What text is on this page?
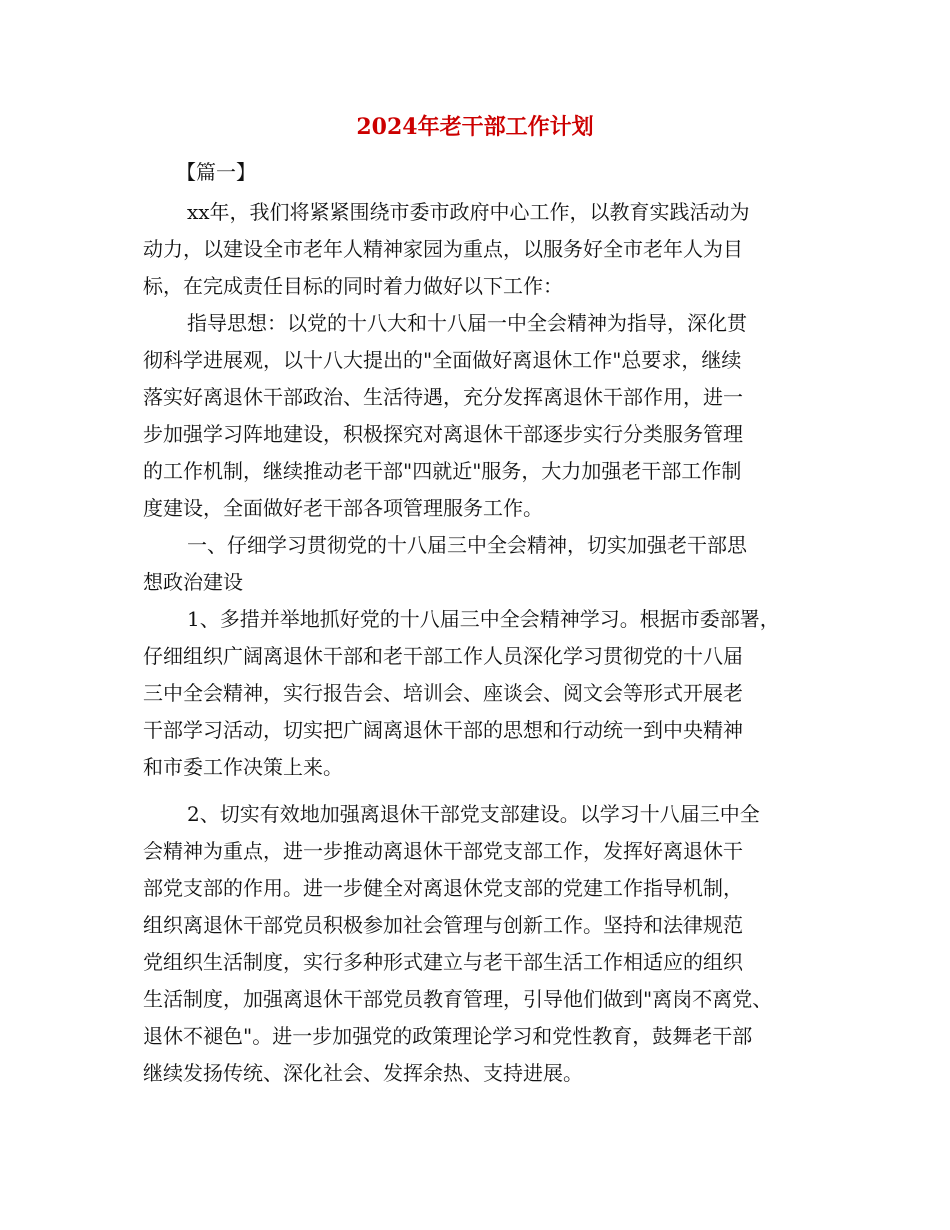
2024年老干部工作计划
【篇一】
xx年，我们将紧紧围绕市委市政府中心工作，以教育实践活动为
动力，以建设全市老年人精神家园为重点，以服务好全市老年人为目
标，在完成责任目标的同时着力做好以下工作：
指导思想：以党的十八大和十八届一中全会精神为指导，深化贯
彻科学进展观，以十八大提出的"全面做好离退休工作"总要求，继续
落实好离退休干部政治、生活待遇，充分发挥离退休干部作用，进一
步加强学习阵地建设，积极探究对离退休干部逐步实行分类服务管理
的工作机制，继续推动老干部"四就近"服务，大力加强老干部工作制
度建设，全面做好老干部各项管理服务工作。
一、仔细学习贯彻党的十八届三中全会精神，切实加强老干部思
想政治建设
1、多措并举地抓好党的十八届三中全会精神学习。根据市委部署，
仔细组织广阔离退休干部和老干部工作人员深化学习贯彻党的十八届
三中全会精神，实行报告会、培训会、座谈会、阅文会等形式开展老
干部学习活动，切实把广阔离退休干部的思想和行动统一到中央精神
和市委工作决策上来。
2、切实有效地加强离退休干部党支部建设。以学习十八届三中全
会精神为重点，进一步推动离退休干部党支部工作，发挥好离退休干
部党支部的作用。进一步健全对离退休党支部的党建工作指导机制，
组织离退休干部党员积极参加社会管理与创新工作。坚持和法律规范
党组织生活制度，实行多种形式建立与老干部生活工作相适应的组织
生活制度，加强离退休干部党员教育管理，引导他们做到"离岗不离党、
退休不褪色"。进一步加强党的政策理论学习和党性教育，鼓舞老干部
继续发扬传统、深化社会、发挥余热、支持进展。
